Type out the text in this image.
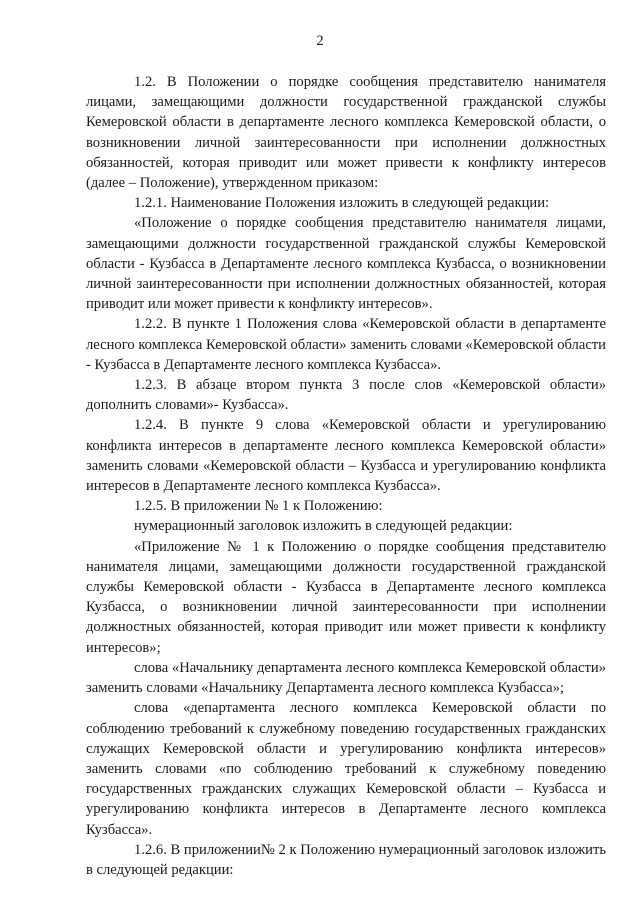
2

1.2. В Положении о порядке сообщения представителю нанимателя лицами, замещающими должности государственной гражданской службы Кемеровской области в департаменте лесного комплекса Кемеровской области, о возникновении личной заинтересованности при исполнении должностных обязанностей, которая приводит или может привести к конфликту интересов (далее – Положение), утвержденном приказом:

1.2.1. Наименование Положения изложить в следующей редакции:

«Положение о порядке сообщения представителю нанимателя лицами, замещающими должности государственной гражданской службы Кемеровской области - Кузбасса в Департаменте лесного комплекса Кузбасса, о возникновении личной заинтересованности при исполнении должностных обязанностей, которая приводит или может привести к конфликту интересов».

1.2.2. В пункте 1 Положения слова «Кемеровской области в департаменте лесного комплекса Кемеровской области» заменить словами «Кемеровской области - Кузбасса в Департаменте лесного комплекса Кузбасса».

1.2.3. В абзаце втором пункта 3 после слов «Кемеровской области» дополнить словами»- Кузбасса».

1.2.4. В пункте 9 слова «Кемеровской области и урегулированию конфликта интересов в департаменте лесного комплекса Кемеровской области» заменить словами «Кемеровской области – Кузбасса и урегулированию конфликта интересов в Департаменте лесного комплекса Кузбасса».

1.2.5. В приложении № 1 к Положению:

нумерационный заголовок изложить в следующей редакции:

«Приложение № 1 к Положению о порядке сообщения представителю нанимателя лицами, замещающими должности государственной гражданской службы Кемеровской области - Кузбасса в Департаменте лесного комплекса Кузбасса, о возникновении личной заинтересованности при исполнении должностных обязанностей, которая приводит или может привести к конфликту интересов»;

слова «Начальнику департамента лесного комплекса Кемеровской области» заменить словами «Начальнику Департамента лесного комплекса Кузбасса»;

слова «департамента лесного комплекса Кемеровской области по соблюдению требований к служебному поведению государственных гражданских служащих Кемеровской области и урегулированию конфликта интересов» заменить словами «по соблюдению требований к служебному поведению государственных гражданских служащих Кемеровской области – Кузбасса и урегулированию конфликта интересов в Департаменте лесного комплекса Кузбасса».

1.2.6. В приложении№ 2 к Положению нумерационный заголовок изложить в следующей редакции:
